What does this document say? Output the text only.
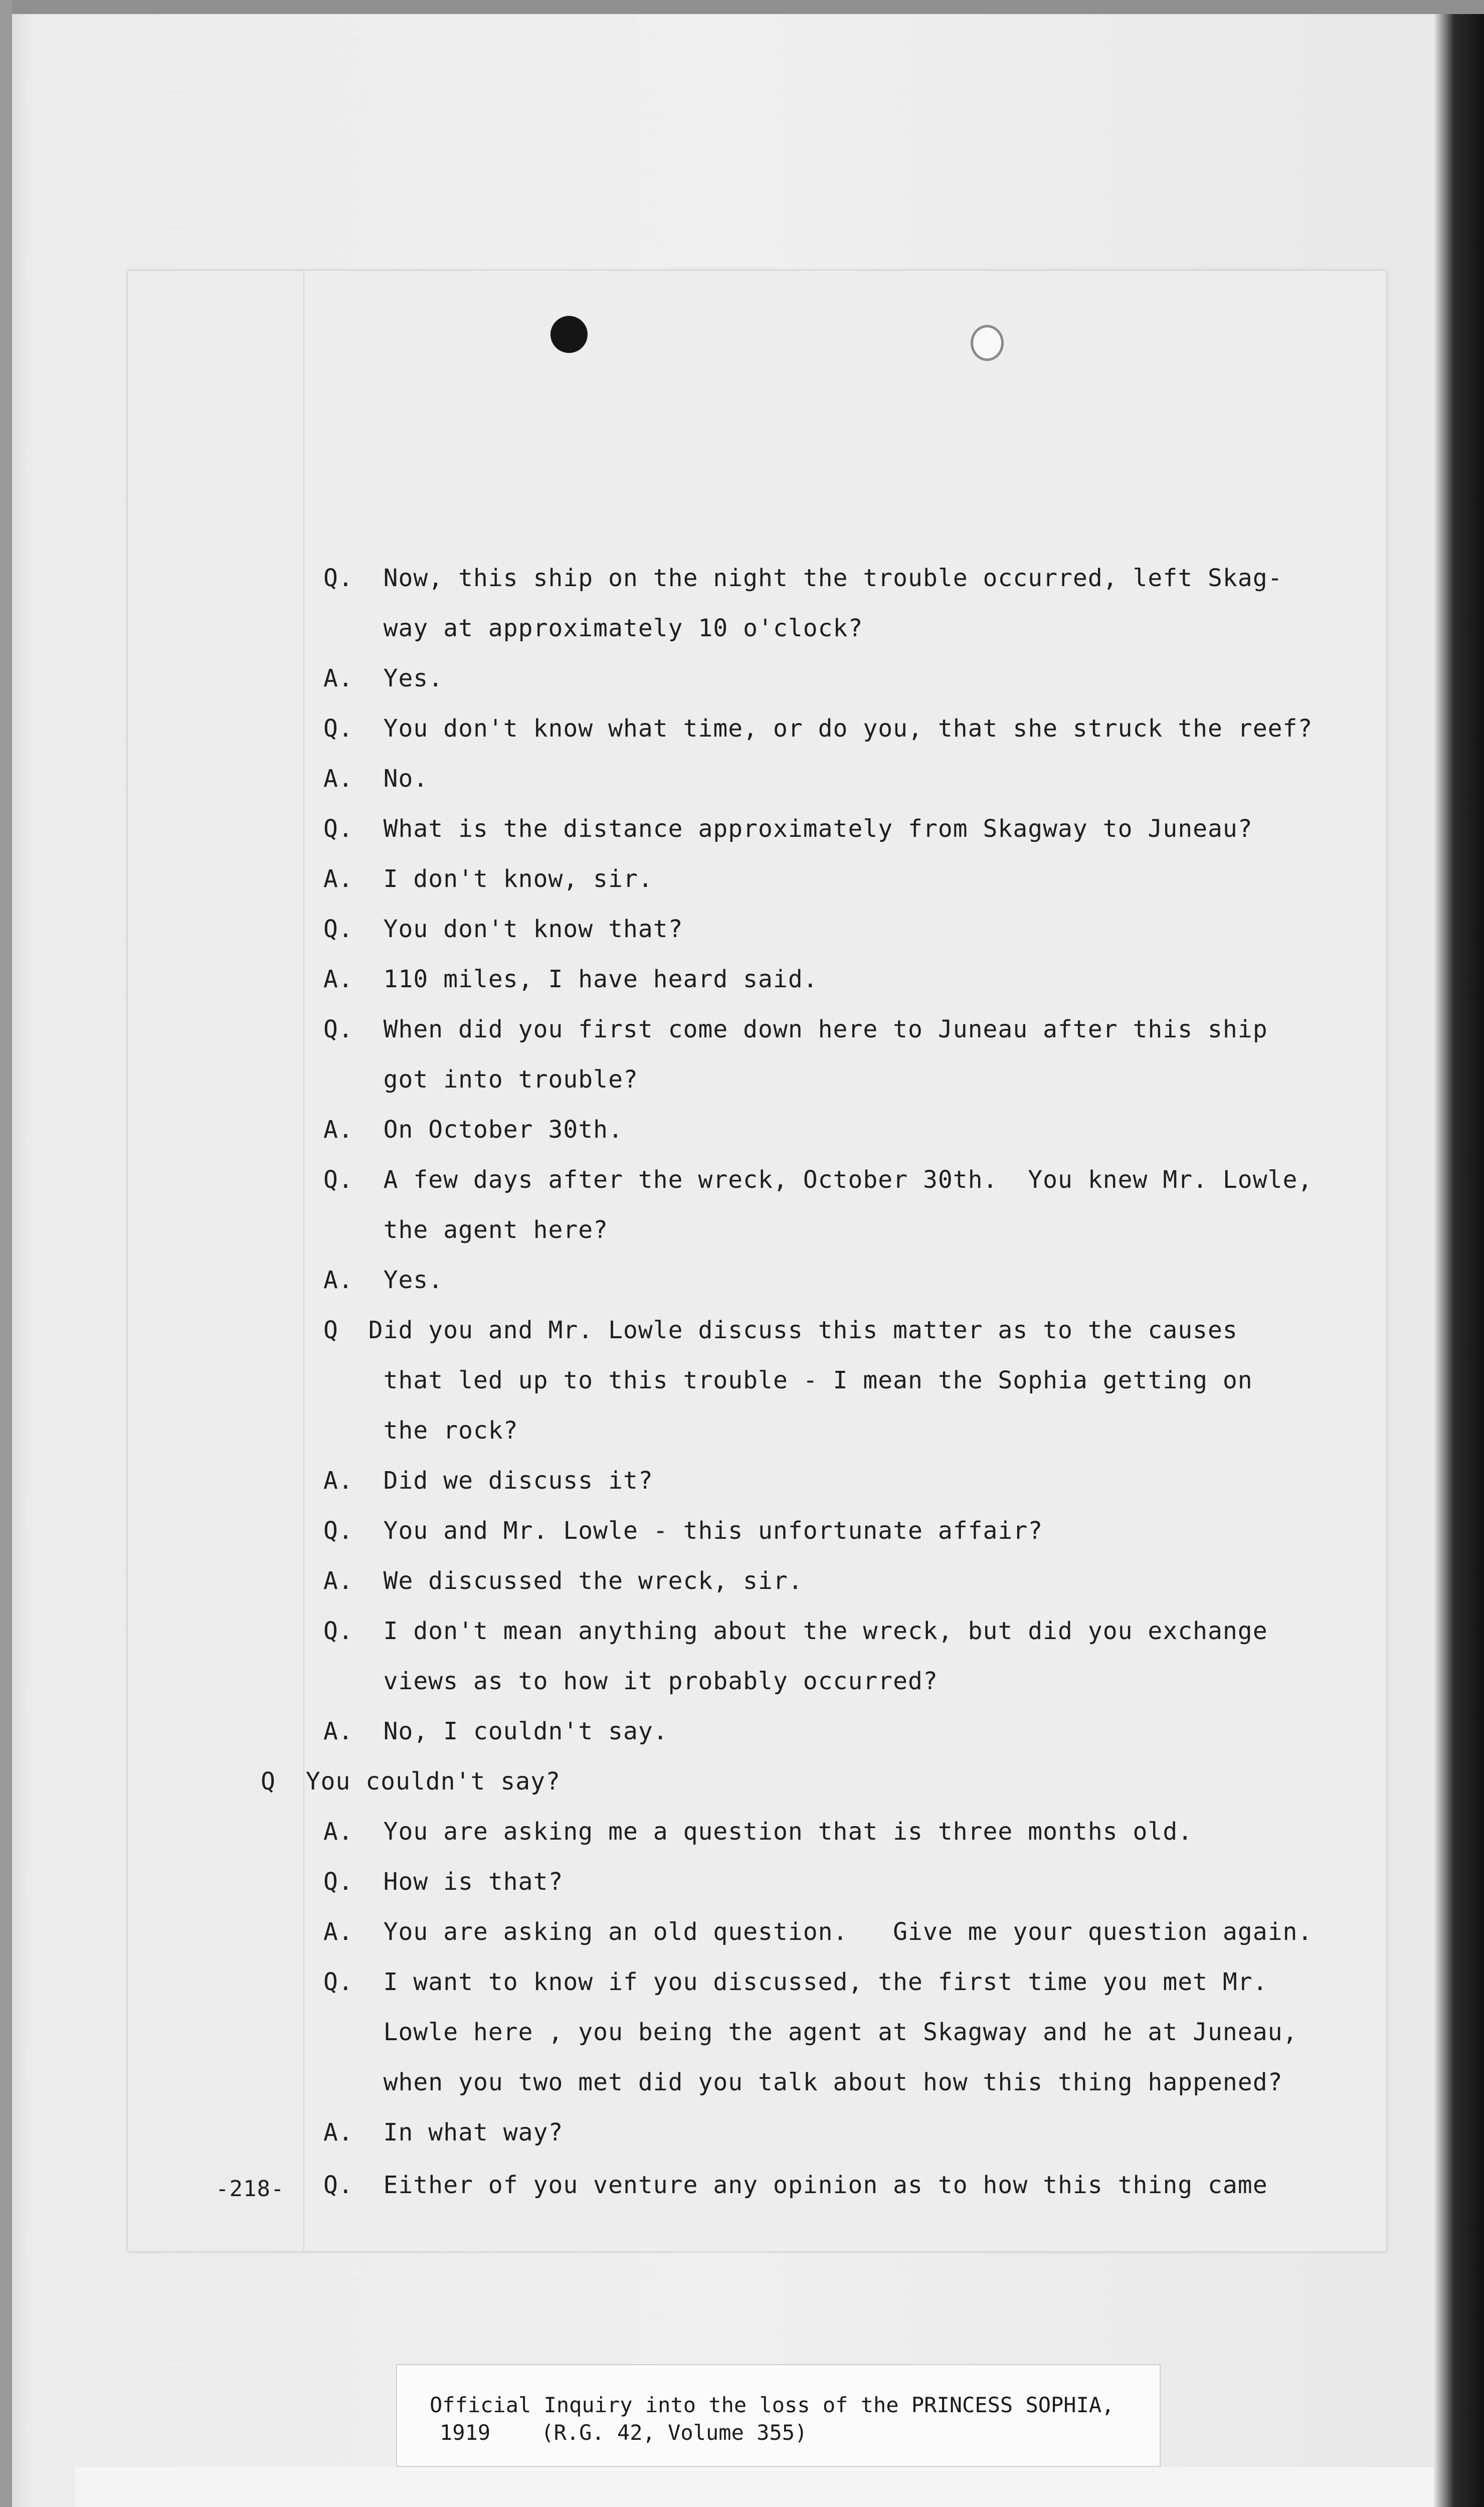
Q.  Now, this ship on the night the trouble occurred, left Skag-
way at approximately 10 o'clock?
A.  Yes.
Q.  You don't know what time, or do you, that she struck the reef?
A.  No.
Q.  What is the distance approximately from Skagway to Juneau?
A.  I don't know, sir.
Q.  You don't know that?
A.  110 miles, I have heard said.
Q.  When did you first come down here to Juneau after this ship
got into trouble?
A.  On October 30th.
Q.  A few days after the wreck, October 30th.  You knew Mr. Lowle,
the agent here?
A.  Yes.
Q  Did you and Mr. Lowle discuss this matter as to the causes
that led up to this trouble - I mean the Sophia getting on
the rock?
A.  Did we discuss it?
Q.  You and Mr. Lowle - this unfortunate affair?
A.  We discussed the wreck, sir.
Q.  I don't mean anything about the wreck, but did you exchange
views as to how it probably occurred?
A.  No, I couldn't say.
Q  You couldn't say?
A.  You are asking me a question that is three months old.
Q.  How is that?
A.  You are asking an old question.   Give me your question again.
Q.  I want to know if you discussed, the first time you met Mr.
Lowle here , you being the agent at Skagway and he at Juneau,
when you two met did you talk about how this thing happened?
A.  In what way?
Q.  Either of you venture any opinion as to how this thing came
-218-
Official Inquiry into the loss of the PRINCESS SOPHIA,
1919    (R.G. 42, Volume 355)
